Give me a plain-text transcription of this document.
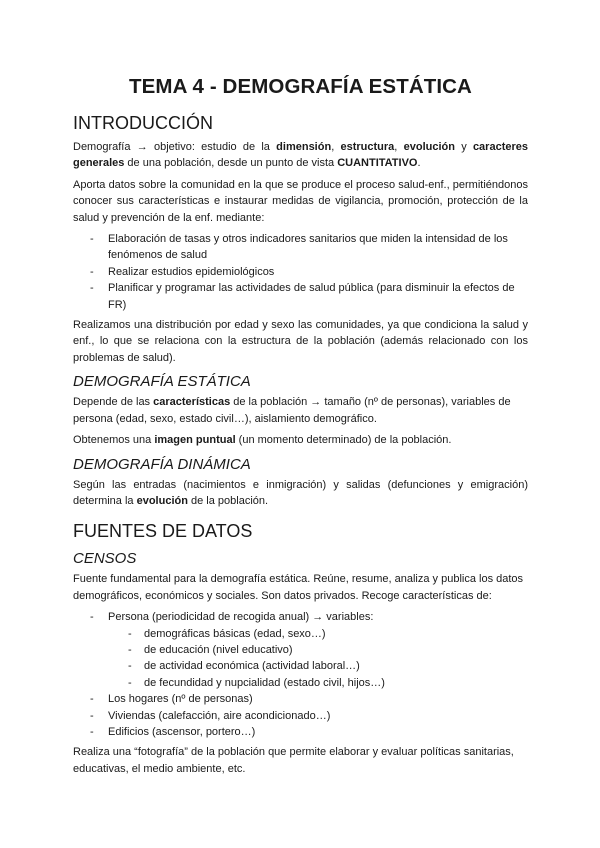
TEMA 4 - DEMOGRAFÍA ESTÁTICA
INTRODUCCIÓN
Demografía → objetivo: estudio de la dimensión, estructura, evolución y caracteres generales de una población, desde un punto de vista CUANTITATIVO.
Aporta datos sobre la comunidad en la que se produce el proceso salud-enf., permitiéndonos conocer sus características e instaurar medidas de vigilancia, promoción, protección de la salud y prevención de la enf. mediante:
- Elaboración de tasas y otros indicadores sanitarios que miden la intensidad de los fenómenos de salud
- Realizar estudios epidemiológicos
- Planificar y programar las actividades de salud pública (para disminuir la efectos de FR)
Realizamos una distribución por edad y sexo las comunidades, ya que condiciona la salud y enf., lo que se relaciona con la estructura de la población (además relacionado con los problemas de salud).
DEMOGRAFÍA ESTÁTICA
Depende de las características de la población → tamaño (nº de personas), variables de persona (edad, sexo, estado civil…), aislamiento demográfico.
Obtenemos una imagen puntual (un momento determinado) de la población.
DEMOGRAFÍA DINÁMICA
Según las entradas (nacimientos e inmigración) y salidas (defunciones y emigración) determina la evolución de la población.
FUENTES DE DATOS
CENSOS
Fuente fundamental para la demografía estática. Reúne, resume, analiza y publica los datos demográficos, económicos y sociales. Son datos privados. Recoge características de:
- Persona (periodicidad de recogida anual) → variables:
- demográficas básicas (edad, sexo…)
- de educación (nivel educativo)
- de actividad económica (actividad laboral…)
- de fecundidad y nupcialidad (estado civil, hijos…)
- Los hogares (nº de personas)
- Viviendas (calefacción, aire acondicionado…)
- Edificios (ascensor, portero…)
Realiza una “fotografía” de la población que permite elaborar y evaluar políticas sanitarias, educativas, el medio ambiente, etc.
